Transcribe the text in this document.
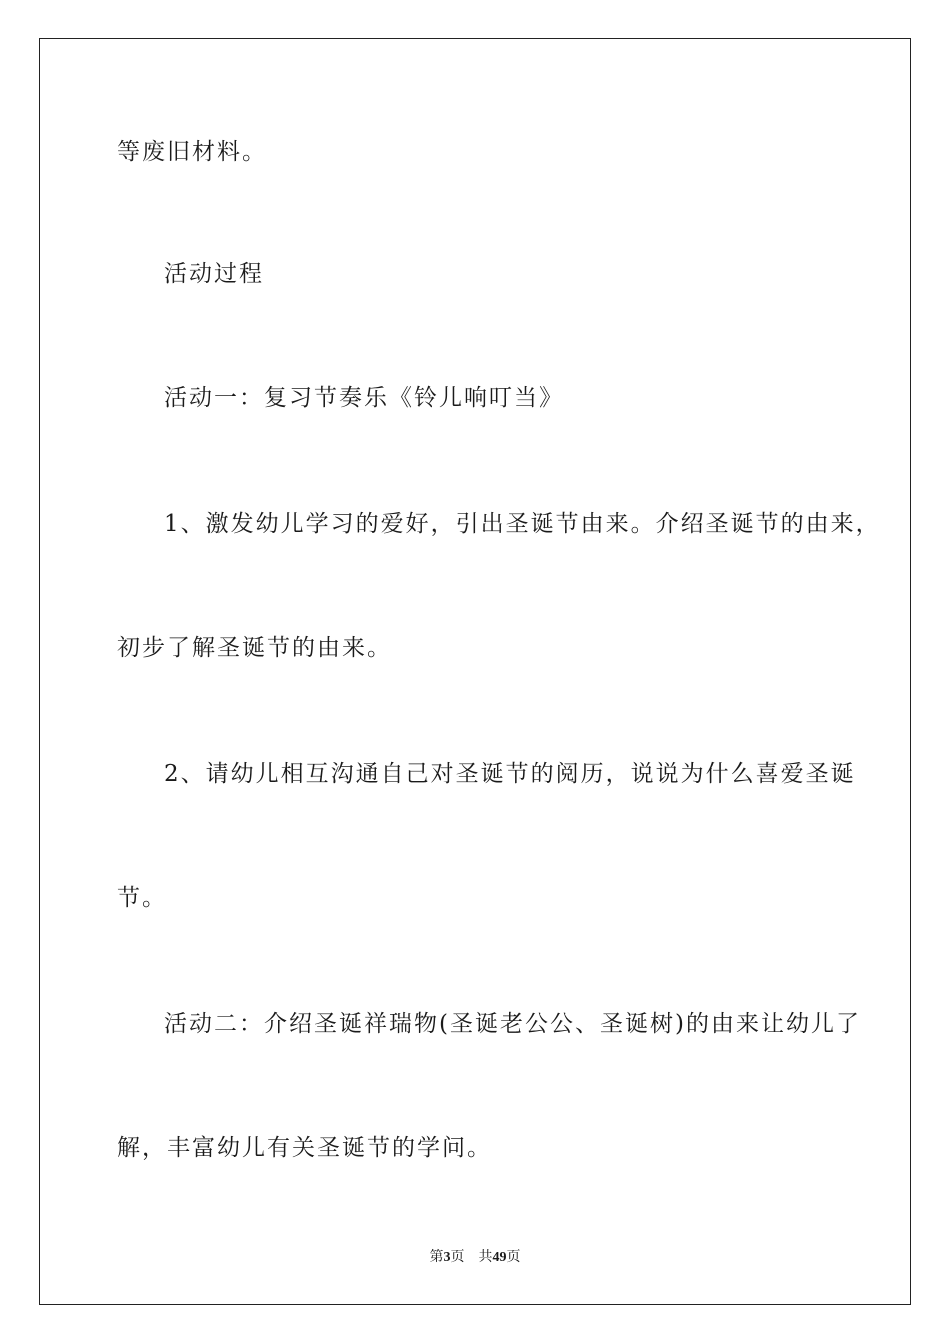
等废旧材料。
活动过程
活动一：复习节奏乐《铃儿响叮当》
1、激发幼儿学习的爱好，引出圣诞节由来。介绍圣诞节的由来，
初步了解圣诞节的由来。
2、请幼儿相互沟通自己对圣诞节的阅历，说说为什么喜爱圣诞
节。
活动二：介绍圣诞祥瑞物(圣诞老公公、圣诞树)的由来让幼儿了
解，丰富幼儿有关圣诞节的学问。
第3页 共49页
